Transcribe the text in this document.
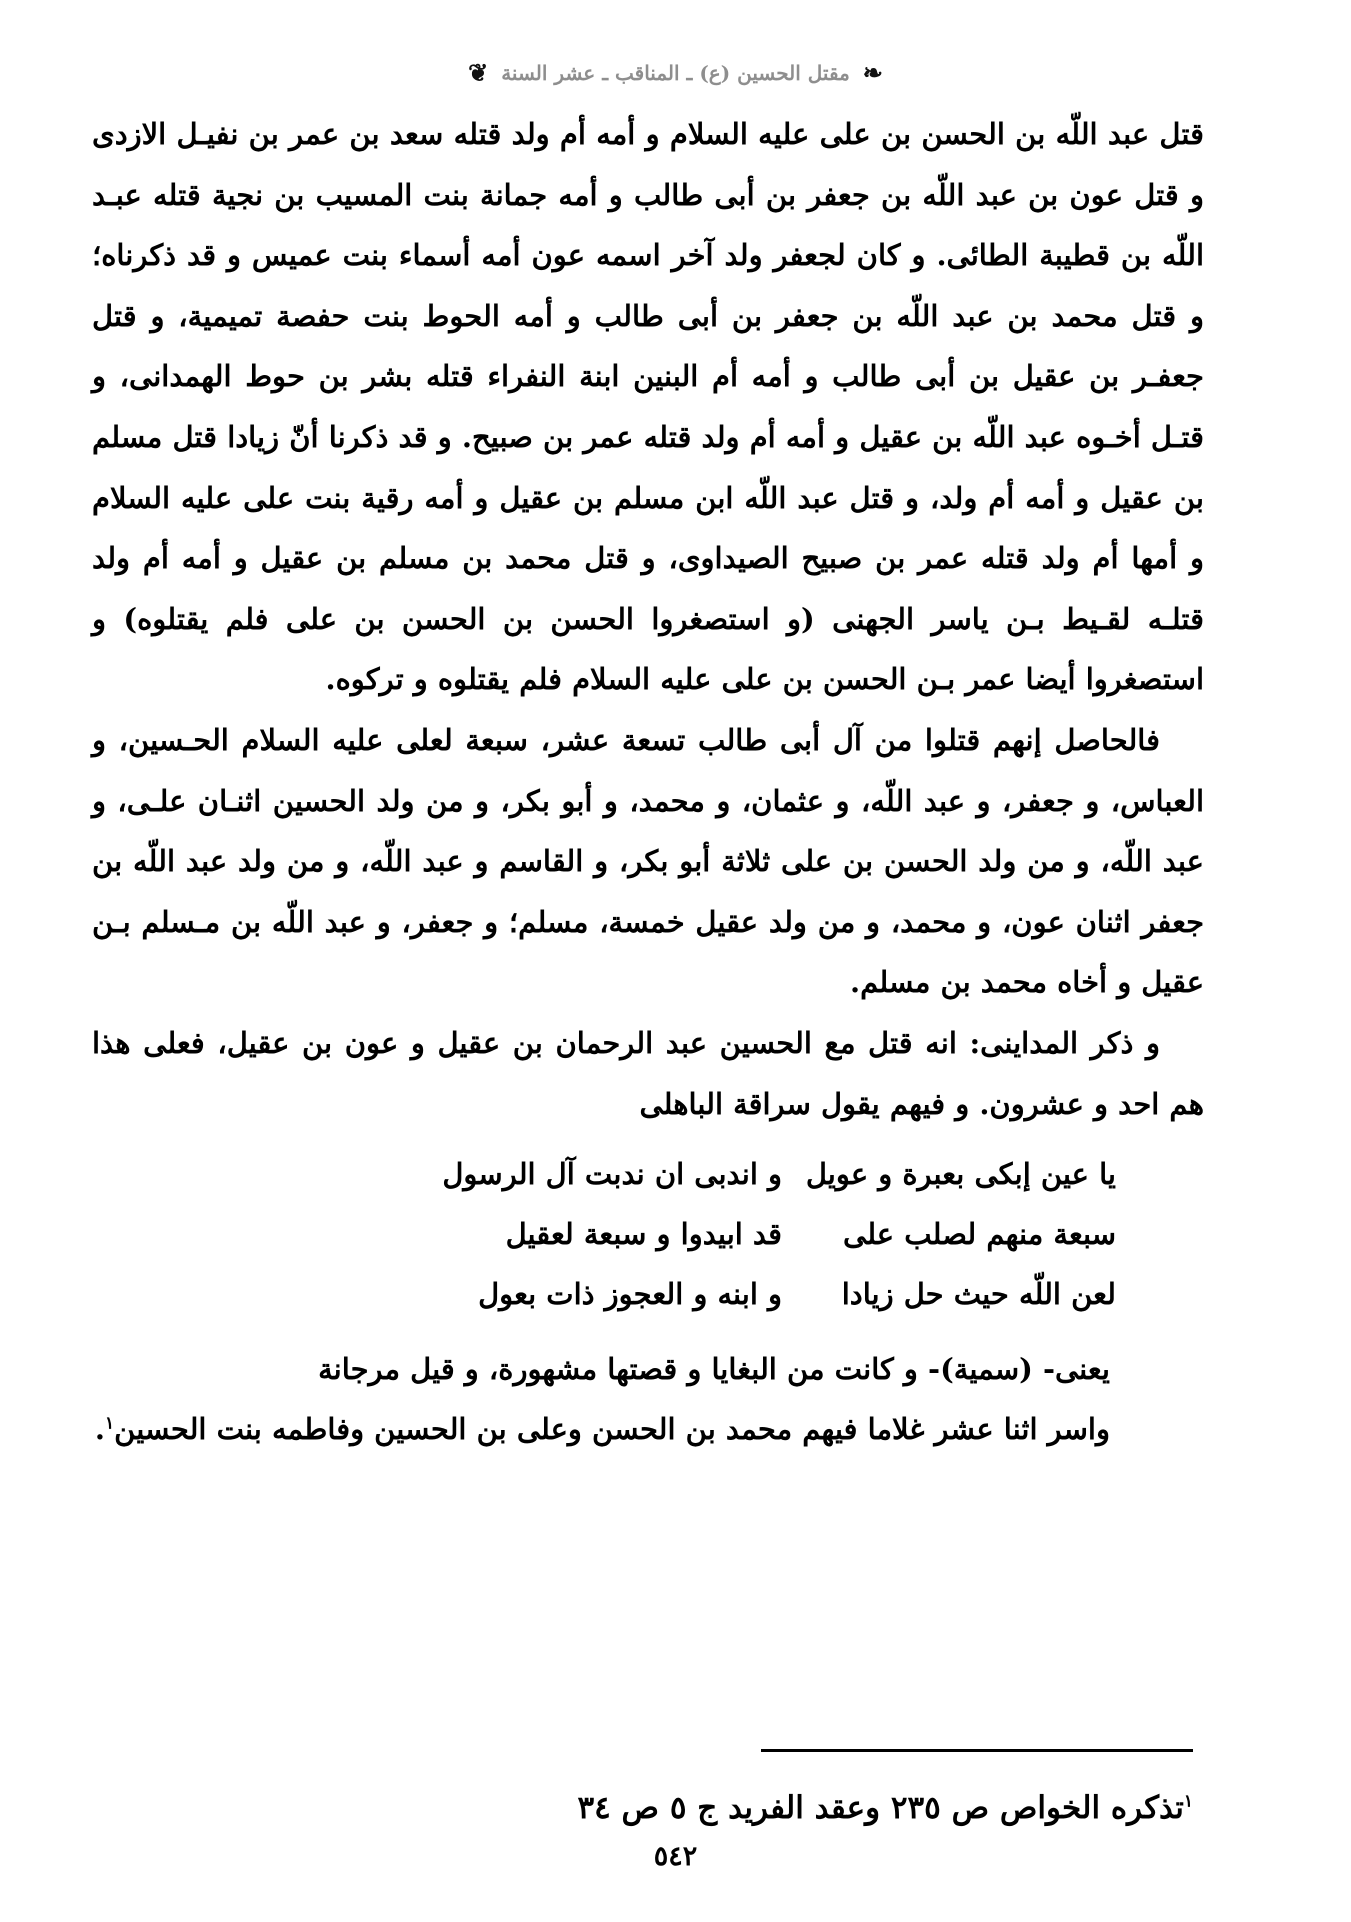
❧ مقتل الحسين (ع) ـ المناقب ـ عشر السنة ❦

قتل عبد اللّه بن الحسن بن على عليه السلام و أمه أم ولد قتله سعد بن عمر بن نفيـل الازدى و قتل عون بن عبد اللّه بن جعفر بن أبى طالب و أمه جمانة بنت المسيب بن نجية قتله عبـد اللّه بن قطيبة الطائى. و كان لجعفر ولد آخر اسمه عون أمه أسماء بنت عميس و قد ذكرناه؛ و قتل محمد بن عبد اللّه بن جعفر بن أبى طالب و أمه الحوط بنت حفصة تميمية، و قتل جعفـر بن عقيل بن أبى طالب و أمه أم البنين ابنة النفراء قتله بشر بن حوط الهمدانى، و قتـل أخـوه عبد اللّه بن عقيل و أمه أم ولد قتله عمر بن صبيح. و قد ذكرنا أنّ زيادا قتل مسلم بن عقيل و أمه أم ولد، و قتل عبد اللّه ابن مسلم بن عقيل و أمه رقية بنت على عليه السلام و أمها أم ولد قتله عمر بن صبيح الصيداوى، و قتل محمد بن مسلم بن عقيل و أمه أم ولد قتلـه لقـيط بـن ياسر الجهنى (و استصغروا الحسن بن الحسن بن على فلم يقتلوه) و استصغروا أيضا عمر بـن الحسن بن على عليه السلام فلم يقتلوه و تركوه.

فالحاصل إنهم قتلوا من آل أبى طالب تسعة عشر، سبعة لعلى عليه السلام الحـسين، و العباس، و جعفر، و عبد اللّه، و عثمان، و محمد، و أبو بكر، و من ولد الحسين اثنـان علـى، و عبد اللّه، و من ولد الحسن بن على ثلاثة أبو بكر، و القاسم و عبد اللّه، و من ولد عبد اللّه بن جعفر اثنان عون، و محمد، و من ولد عقيل خمسة، مسلم؛ و جعفر، و عبد اللّه بن مـسلم بـن عقيل و أخاه محمد بن مسلم.

و ذكر المداينى: انه قتل مع الحسين عبد الرحمان بن عقيل و عون بن عقيل، فعلى هذا هم احد و عشرون. و فيهم يقول سراقة الباهلى

يا عين إبكى بعبرة و عويل
و اندبى ان ندبت آل الرسول
سبعة منهم لصلب على
قد ابيدوا و سبعة لعقيل
لعن اللّه حيث حل زيادا
و ابنه و العجوز ذات بعول

يعنى- (سمية)- و كانت من البغايا و قصتها مشهورة، و قيل مرجانة

واسر اثنا عشر غلاما فيهم محمد بن الحسن وعلى بن الحسين وفاطمه بنت الحسين$^١$.

$^١$تذكره الخواص ص ٢٣٥ وعقد الفريد ج ٥ ص ٣٤
٥٤٢
